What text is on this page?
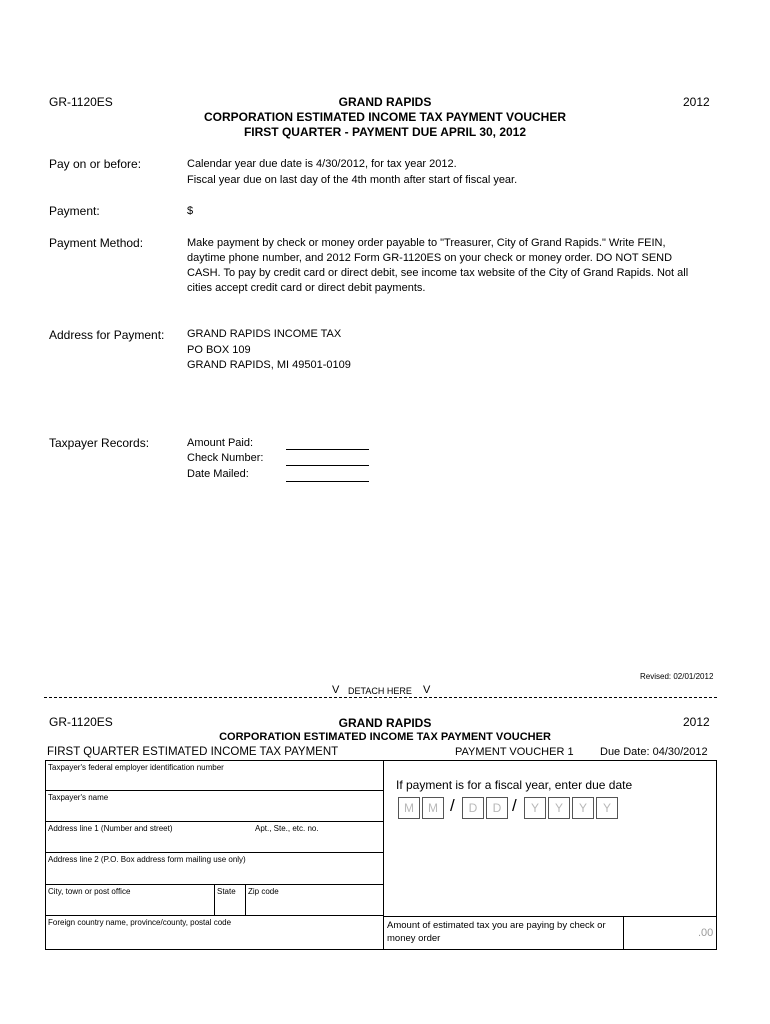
GR-1120ES	GRAND RAPIDS	2012
CORPORATION ESTIMATED INCOME TAX PAYMENT VOUCHER
FIRST QUARTER - PAYMENT DUE APRIL 30, 2012
Pay on or before:	Calendar year due date is 4/30/2012, for tax year 2012.
Fiscal year due on last day of the 4th month after start of fiscal year.
Payment:	$
Payment Method:	Make payment by check or money order payable to "Treasurer, City of Grand Rapids." Write FEIN,
daytime phone number, and 2012 Form GR-1120ES on your check or money order. DO NOT SEND
CASH. To pay by credit card or direct debit, see income tax website of the City of Grand Rapids. Not all
cities accept credit card or direct debit payments.
Address for Payment: GRAND RAPIDS INCOME TAX
PO BOX 109
GRAND RAPIDS, MI 49501-0109
Taxpayer Records:	Amount Paid:
Check Number:
Date Mailed:
Revised: 02/01/2012
V DETACH HERE V
GR-1120ES	GRAND RAPIDS	2012
CORPORATION ESTIMATED INCOME TAX PAYMENT VOUCHER
FIRST QUARTER ESTIMATED INCOME TAX PAYMENT	PAYMENT VOUCHER 1 Due Date: 04/30/2012
Taxpayer's federal employer identification number
Taxpayer's name
Address line 1 (Number and street)	Apt., Ste., etc. no.
Address line 2 (P.O. Box address form mailing use only)
City, town or post office	State Zip code
Foreign country name, province/county, postal code
If payment is for a fiscal year, enter due date
M	M /	D	D /	Y	Y	Y	Y
Amount of estimated tax you are paying by check or
money order	.00
